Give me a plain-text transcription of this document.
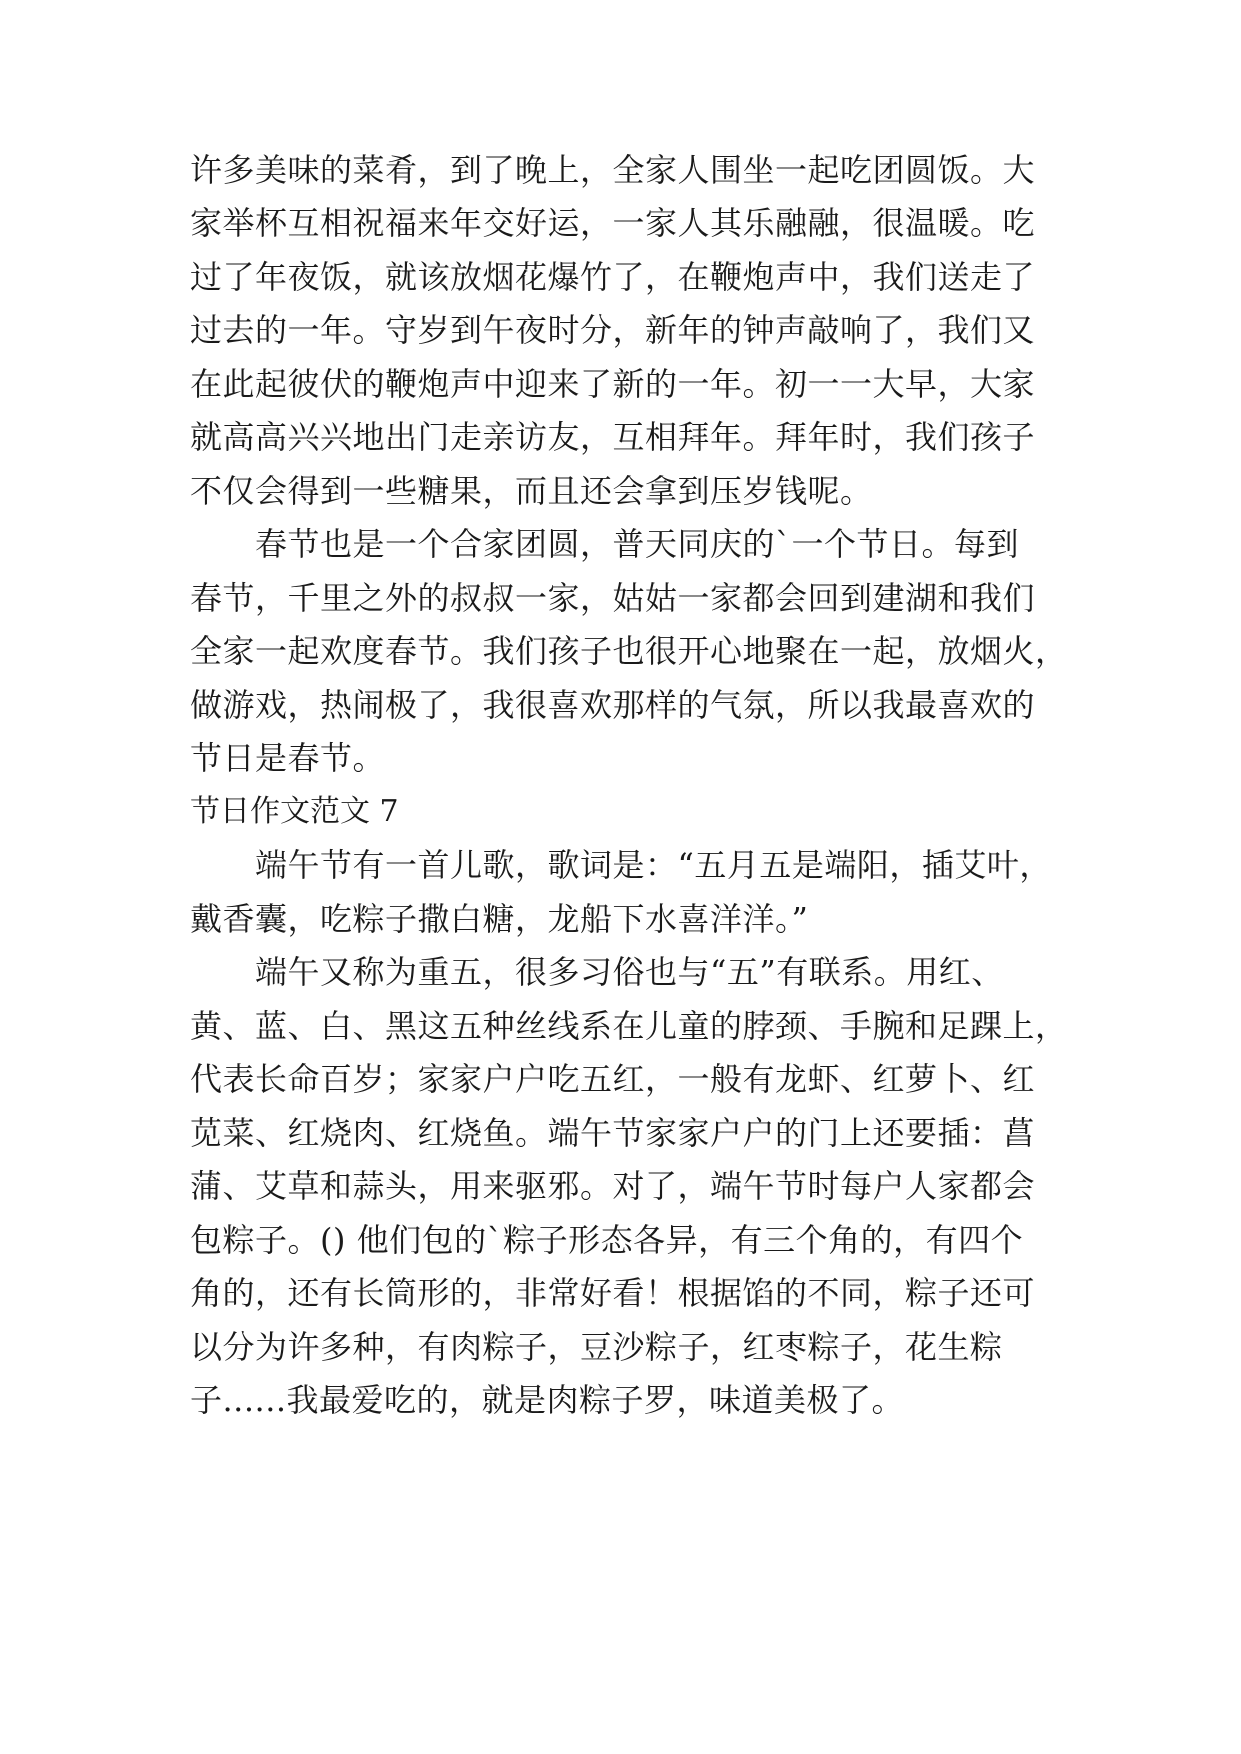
许多美味的菜肴，到了晚上，全家人围坐一起吃团圆饭。大
家举杯互相祝福来年交好运，一家人其乐融融，很温暖。吃
过了年夜饭，就该放烟花爆竹了，在鞭炮声中，我们送走了
过去的一年。守岁到午夜时分，新年的钟声敲响了，我们又
在此起彼伏的鞭炮声中迎来了新的一年。初一一大早，大家
就高高兴兴地出门走亲访友，互相拜年。拜年时，我们孩子
不仅会得到一些糖果，而且还会拿到压岁钱呢。
春节也是一个合家团圆，普天同庆的`一个节日。每到
春节，千里之外的叔叔一家，姑姑一家都会回到建湖和我们
全家一起欢度春节。我们孩子也很开心地聚在一起，放烟火，
做游戏，热闹极了，我很喜欢那样的气氛，所以我最喜欢的
节日是春节。
节日作文范文 7
端午节有一首儿歌，歌词是：“五月五是端阳，插艾叶，
戴香囊，吃粽子撒白糖，龙船下水喜洋洋。”
端午又称为重五，很多习俗也与“五”有联系。用红、
黄、蓝、白、黑这五种丝线系在儿童的脖颈、手腕和足踝上，
代表长命百岁；家家户户吃五红，一般有龙虾、红萝卜、红
苋菜、红烧肉、红烧鱼。端午节家家户户的门上还要插：菖
蒲、艾草和蒜头，用来驱邪。对了，端午节时每户人家都会
包粽子。() 他们包的`粽子形态各异，有三个角的，有四个
角的，还有长筒形的，非常好看！根据馅的不同，粽子还可
以分为许多种，有肉粽子，豆沙粽子，红枣粽子，花生粽
子......我最爱吃的，就是肉粽子罗，味道美极了。
